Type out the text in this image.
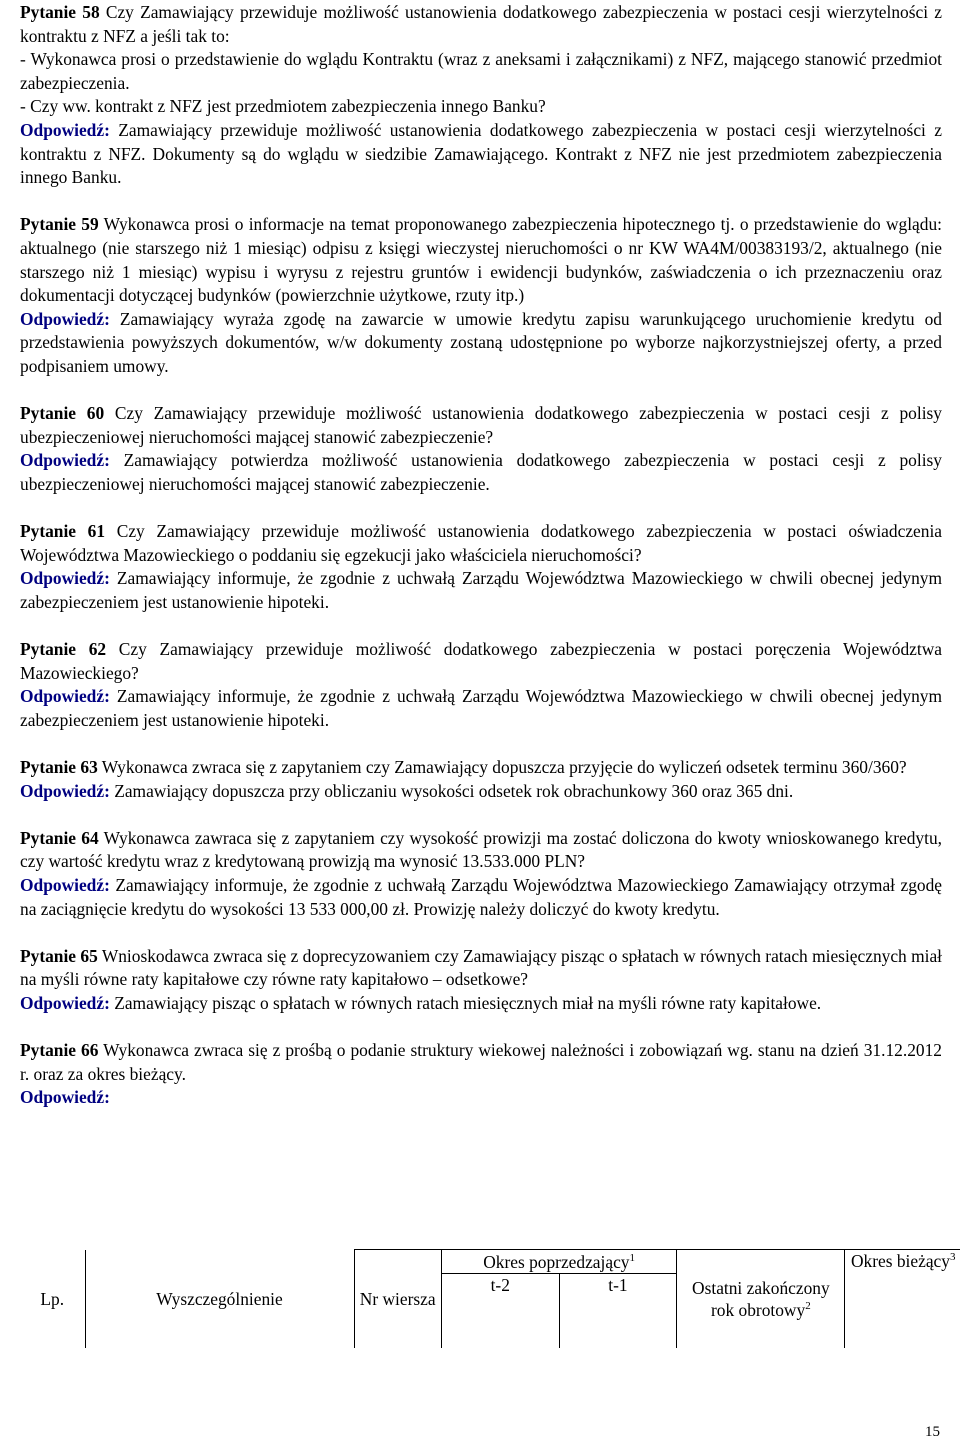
Pytanie 58 Czy Zamawiający przewiduje możliwość ustanowienia dodatkowego zabezpieczenia w postaci cesji wierzytelności z kontraktu z NFZ a jeśli tak to:

- Wykonawca prosi o przedstawienie do wglądu Kontraktu (wraz z aneksami i załącznikami) z NFZ, mającego stanowić przedmiot zabezpieczenia.

- Czy ww. kontrakt z NFZ jest przedmiotem zabezpieczenia innego Banku?

Odpowiedź: Zamawiający przewiduje możliwość ustanowienia dodatkowego zabezpieczenia w postaci cesji wierzytelności z kontraktu z NFZ. Dokumenty są do wglądu w siedzibie Zamawiającego. Kontrakt z NFZ nie jest przedmiotem zabezpieczenia innego Banku.

Pytanie 59 Wykonawca prosi o informacje na temat proponowanego zabezpieczenia hipotecznego tj. o przedstawienie do wglądu: aktualnego (nie starszego niż 1 miesiąc) odpisu z księgi wieczystej nieruchomości o nr KW WA4M/00383193/2, aktualnego (nie starszego niż 1 miesiąc) wypisu i wyrysu z rejestru gruntów i ewidencji budynków, zaświadczenia o ich przeznaczeniu oraz dokumentacji dotyczącej budynków (powierzchnie użytkowe, rzuty itp.)

Odpowiedź: Zamawiający wyraża zgodę na zawarcie w umowie kredytu zapisu warunkującego uruchomienie kredytu od przedstawienia powyższych dokumentów, w/w dokumenty zostaną udostępnione po wyborze najkorzystniejszej oferty, a przed podpisaniem umowy.

Pytanie 60 Czy Zamawiający przewiduje możliwość ustanowienia dodatkowego zabezpieczenia w postaci cesji z polisy ubezpieczeniowej nieruchomości mającej stanowić zabezpieczenie?

Odpowiedź: Zamawiający potwierdza możliwość ustanowienia dodatkowego zabezpieczenia w postaci cesji z polisy ubezpieczeniowej nieruchomości mającej stanowić zabezpieczenie.

Pytanie 61 Czy Zamawiający przewiduje możliwość ustanowienia dodatkowego zabezpieczenia w postaci oświadczenia Województwa Mazowieckiego o poddaniu się egzekucji jako właściciela nieruchomości?

Odpowiedź: Zamawiający informuje, że zgodnie z uchwałą Zarządu Województwa Mazowieckiego w chwili obecnej jedynym zabezpieczeniem jest ustanowienie hipoteki.

Pytanie 62 Czy Zamawiający przewiduje możliwość dodatkowego zabezpieczenia w postaci poręczenia Województwa Mazowieckiego?

Odpowiedź: Zamawiający informuje, że zgodnie z uchwałą Zarządu Województwa Mazowieckiego w chwili obecnej jedynym zabezpieczeniem jest ustanowienie hipoteki.

Pytanie 63 Wykonawca zwraca się z zapytaniem czy Zamawiający dopuszcza przyjęcie do wyliczeń odsetek terminu 360/360?

Odpowiedź: Zamawiający dopuszcza przy obliczaniu wysokości odsetek rok obrachunkowy 360 oraz 365 dni.

Pytanie 64 Wykonawca zawraca się z zapytaniem czy wysokość prowizji ma zostać doliczona do kwoty wnioskowanego kredytu, czy wartość kredytu wraz z kredytowaną prowizją ma wynosić 13.533.000 PLN?

Odpowiedź: Zamawiający informuje, że zgodnie z uchwałą Zarządu Województwa Mazowieckiego Zamawiający otrzymał zgodę na zaciągnięcie kredytu do wysokości 13 533 000,00 zł. Prowizję należy doliczyć do kwoty kredytu.

Pytanie 65 Wnioskodawca zwraca się z doprecyzowaniem czy Zamawiający pisząc o spłatach w równych ratach miesięcznych miał na myśli równe raty kapitałowe czy równe raty kapitałowo – odsetkowe?

Odpowiedź: Zamawiający pisząc o spłatach w równych ratach miesięcznych miał na myśli równe raty kapitałowe.

Pytanie 66 Wykonawca zwraca się z prośbą o podanie struktury wiekowej należności i zobowiązań wg. stanu na dzień 31.12.2012 r. oraz za okres bieżący.

Odpowiedź:

Lp.	Wyszczególnienie	Nr wiersza	Okres poprzedzający$^1$		Ostatni zakończony rok obrotowy$^2$	Okres bieżący$^3$
			t-2	t-1		
15
